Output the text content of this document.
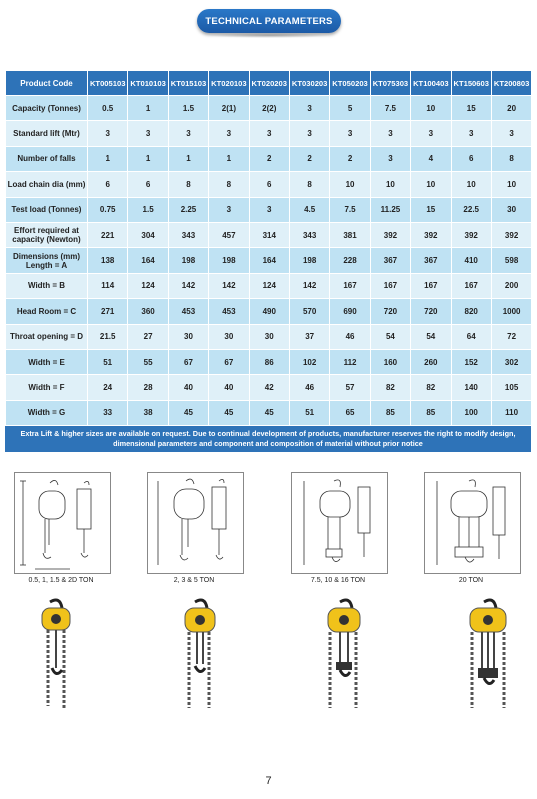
TECHNICAL PARAMETERS
Product Code	KT005103	KT010103	KT015103	KT020103	KT020203	KT030203	KT050203	KT075303	KT100403	KT150603	KT200803
Capacity (Tonnes)	0.5	1	1.5	2(1)	2(2)	3	5	7.5	10	15	20
Standard lift (Mtr)	3	3	3	3	3	3	3	3	3	3	3
Number of falls	1	1	1	1	2	2	2	3	4	6	8
Load chain dia (mm)	6	6	8	8	6	8	10	10	10	10	10
Test load (Tonnes)	0.75	1.5	2.25	3	3	4.5	7.5	11.25	15	22.5	30
Effort required at capacity (Newton)	221	304	343	457	314	343	381	392	392	392	392
Dimensions (mm) Length = A	138	164	198	198	164	198	228	367	367	410	598
Width = B	114	124	142	142	124	142	167	167	167	167	200
Head Room = C	271	360	453	453	490	570	690	720	720	820	1000
Throat opening = D	21.5	27	30	30	30	37	46	54	54	64	72
Width = E	51	55	67	67	86	102	112	160	260	152	302
Width = F	24	28	40	40	42	46	57	82	82	140	105
Width = G	33	38	45	45	45	51	65	85	85	100	110
Extra Lift & higher sizes are available on request. Due to continual development of products, manufacturer reserves the right to modify design, dimensional parameters and component and composition of material without prior notice
0.5, 1, 1.5 & 2D TON	2, 3 & 5 TON	7.5, 10 & 16 TON	20 TON
7
